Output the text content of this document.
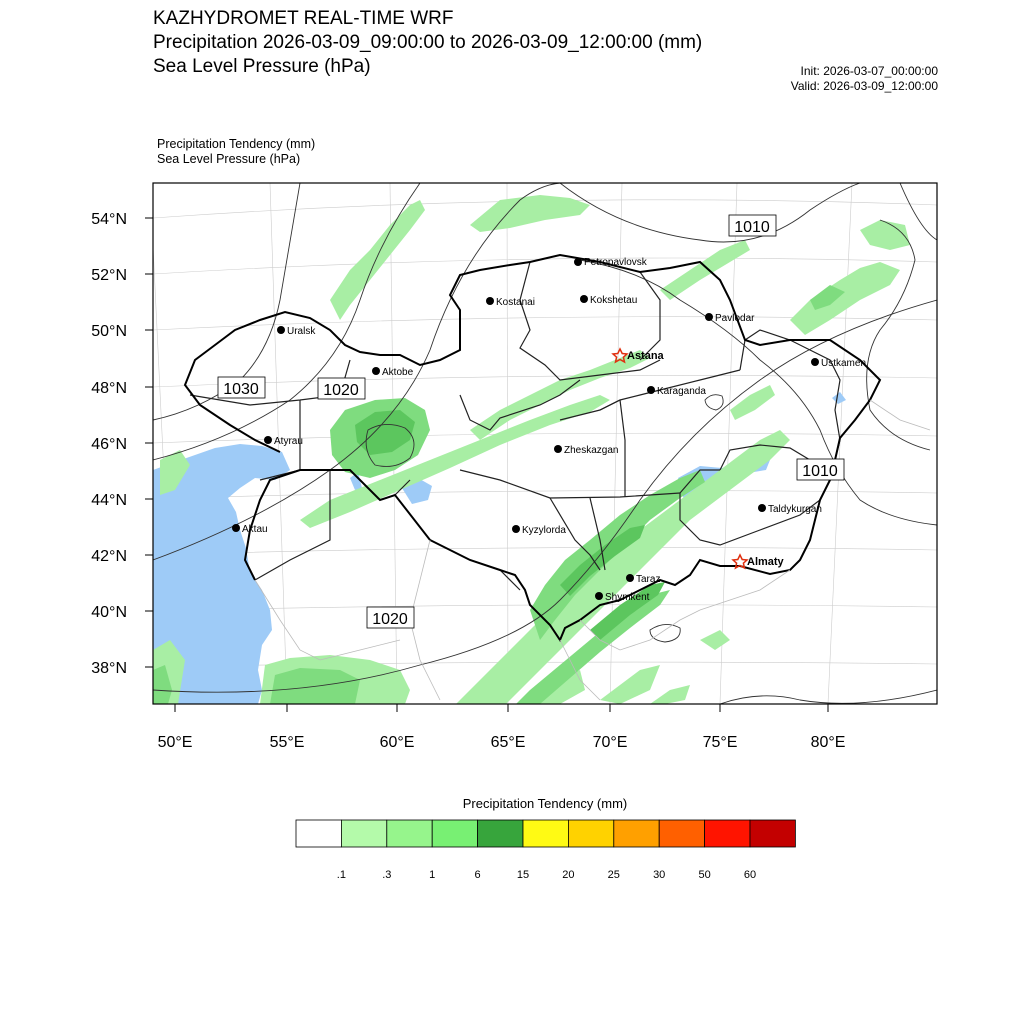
KAZHYDROMET REAL-TIME WRF
Precipitation 2026-03-09_09:00:00 to 2026-03-09_12:00:00 (mm)
Sea Level Pressure (hPa)	Init: 2026-03-07_00:00:00
Valid: 2026-03-09_12:00:00
Precipitation Tendency (mm)
Sea Level Pressure (hPa)
54°N
52°N
50°N
48°N
46°N
44°N
42°N
40°N
38°N
50°E	55°E	60°E	65°E	70°E	75°E	80°E
1010
1030	1020
1010
1020
Petropavlovsk
Kostanai	Kokshetau
Pavlodar
Uralsk
Aktobe
Astana
Ustkamen
Karaganda
Atyrau
Zheskazgan
Taldykurgan
Kyzylorda
Aktau
Almaty
Taraz
Shymkent
.1	.3	1	6	15	20	25	30	50	60
Precipitation Tendency (mm)
